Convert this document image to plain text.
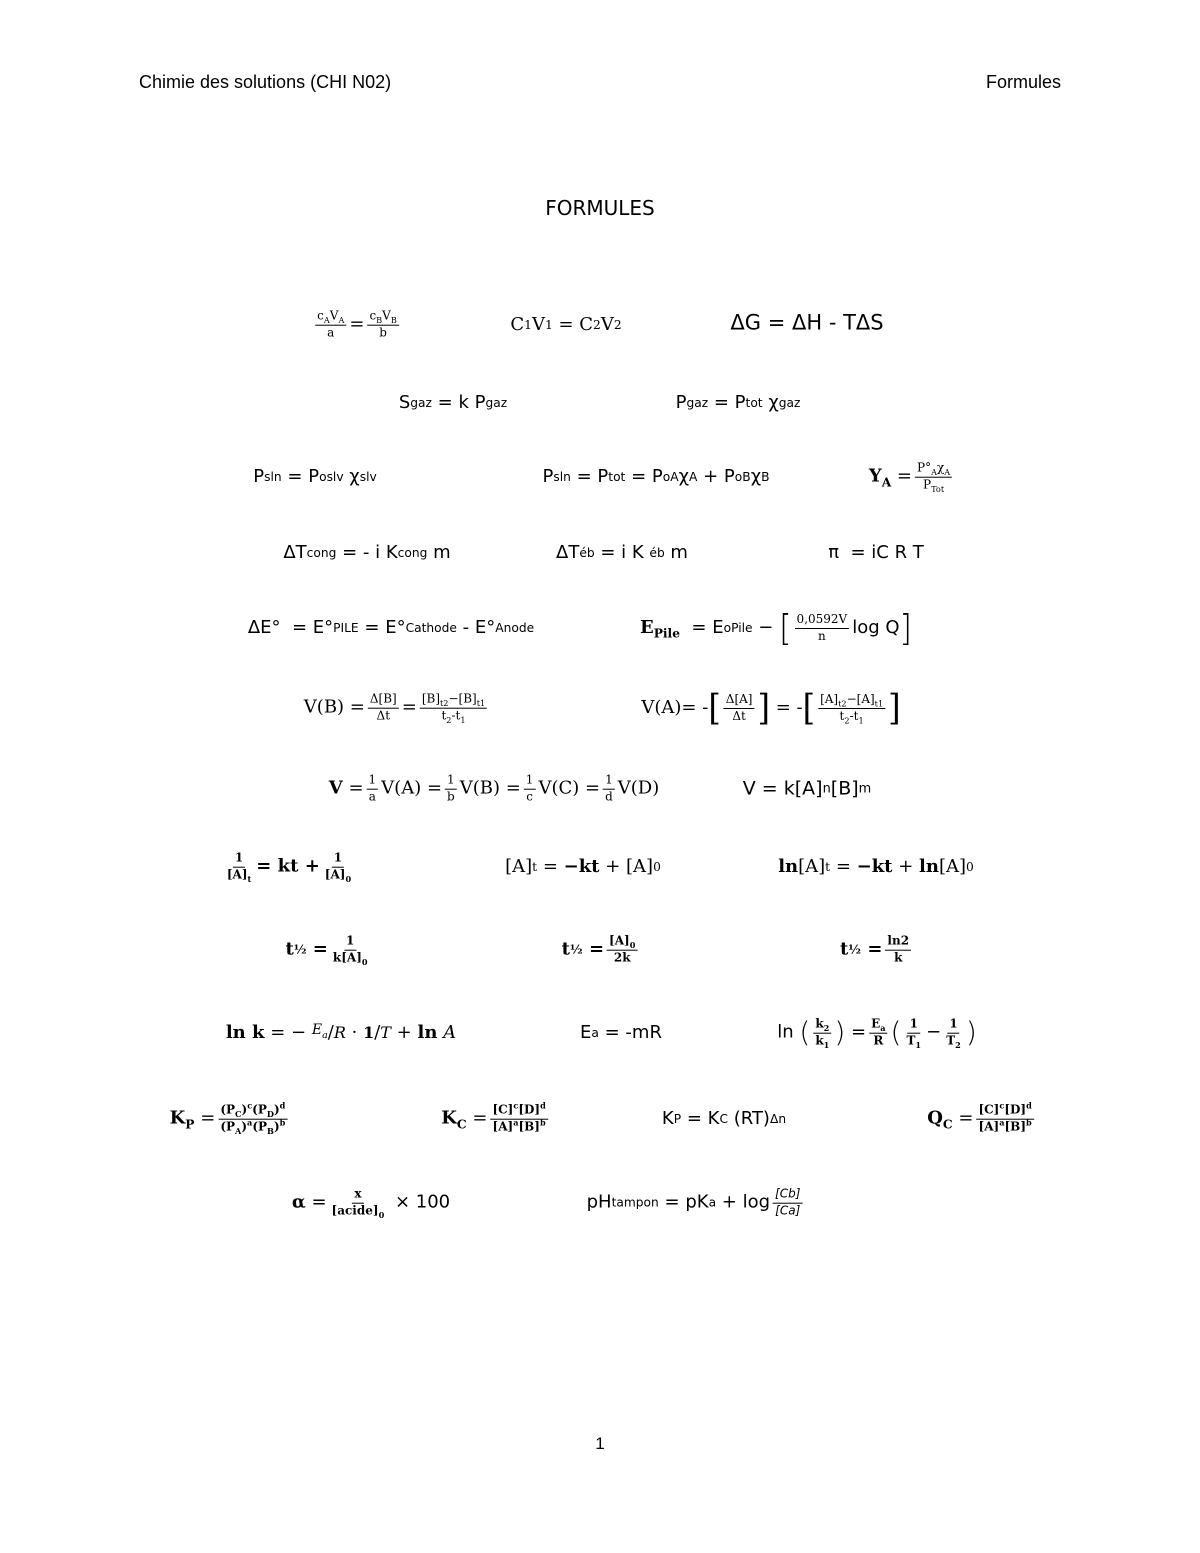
Chimie des solutions (CHI N02)	Formules
FORMULES
$\frac{c_AV_A}{a} = \frac{c_BV_B}{b}$	C 1 V 1 = C 2 V 2	ΔG = ΔH - TΔS
S gaz = k P gaz	P gaz = P tot χ gaz
P sln = P o slv χ slv	P sln = P tot = P o A χ A + P o B χ B	$Y_A = \frac{P^\circ_A\chi_A}{P_{Tot}}$
ΔT cong = - i K cong m	ΔT éb = i K éb m	π  = iC R T
ΔE°  = E° PILE = E° Cathode - E° Anode	$E_{Pile} = E$ o Pile − [ $\frac{0,0592V}{n}$ log Q ]
$V(B) = \frac{\Delta[B]}{\Delta t} = \frac{[B]_{t2}-[B]_{t1}}{t_2-t_1}$	V(A)= - [ $\frac{\Delta[A]}{\Delta t}$ ] = - [ $\frac{[A]_{t2}-[A]_{t1}}{t_2-t_1}$ ]
$V = \frac{1}{a} V(A) = \frac{1}{b} V(B) = \frac{1}{c} V(C) = \frac{1}{d} V(D)$	V = k[A] n [B] m
$\frac{1}{[A]_t}$ = kt + $\frac{1}{[A]_0}$	[A] t = −kt + [A] 0	ln [A] t = −kt + ln [A] 0
t ½ = $\frac{1}{k[A]_0}$	t ½ = $\frac{[A]_0}{2k}$	t ½ = $\frac{\ln 2}{k}$
ln k = − $E_a / R \cdot 1 / T + \ln$
A	E a = -mR	ln ( $\frac{k_2}{k_1}$ ) = $\frac{E_a}{R}$ ( $\frac{1}{T_1} - \frac{1}{T_2}$ )
$K_P = \frac{(P_C)^c(P_D)^d}{(P_A)^a(P_B)^b}$	$K_C = \frac{[C]^c[D]^d}{[A]^a[B]^b}$	K P = K C (RT) Δn	$Q_C = \frac{[C]^c[D]^d}{[A]^a[B]^b}$
$\alpha = \frac{x}{[acide]_0} \times 100$	pH tampon = pK $a + \log \frac{[Cb]}{[Ca]}$
1
